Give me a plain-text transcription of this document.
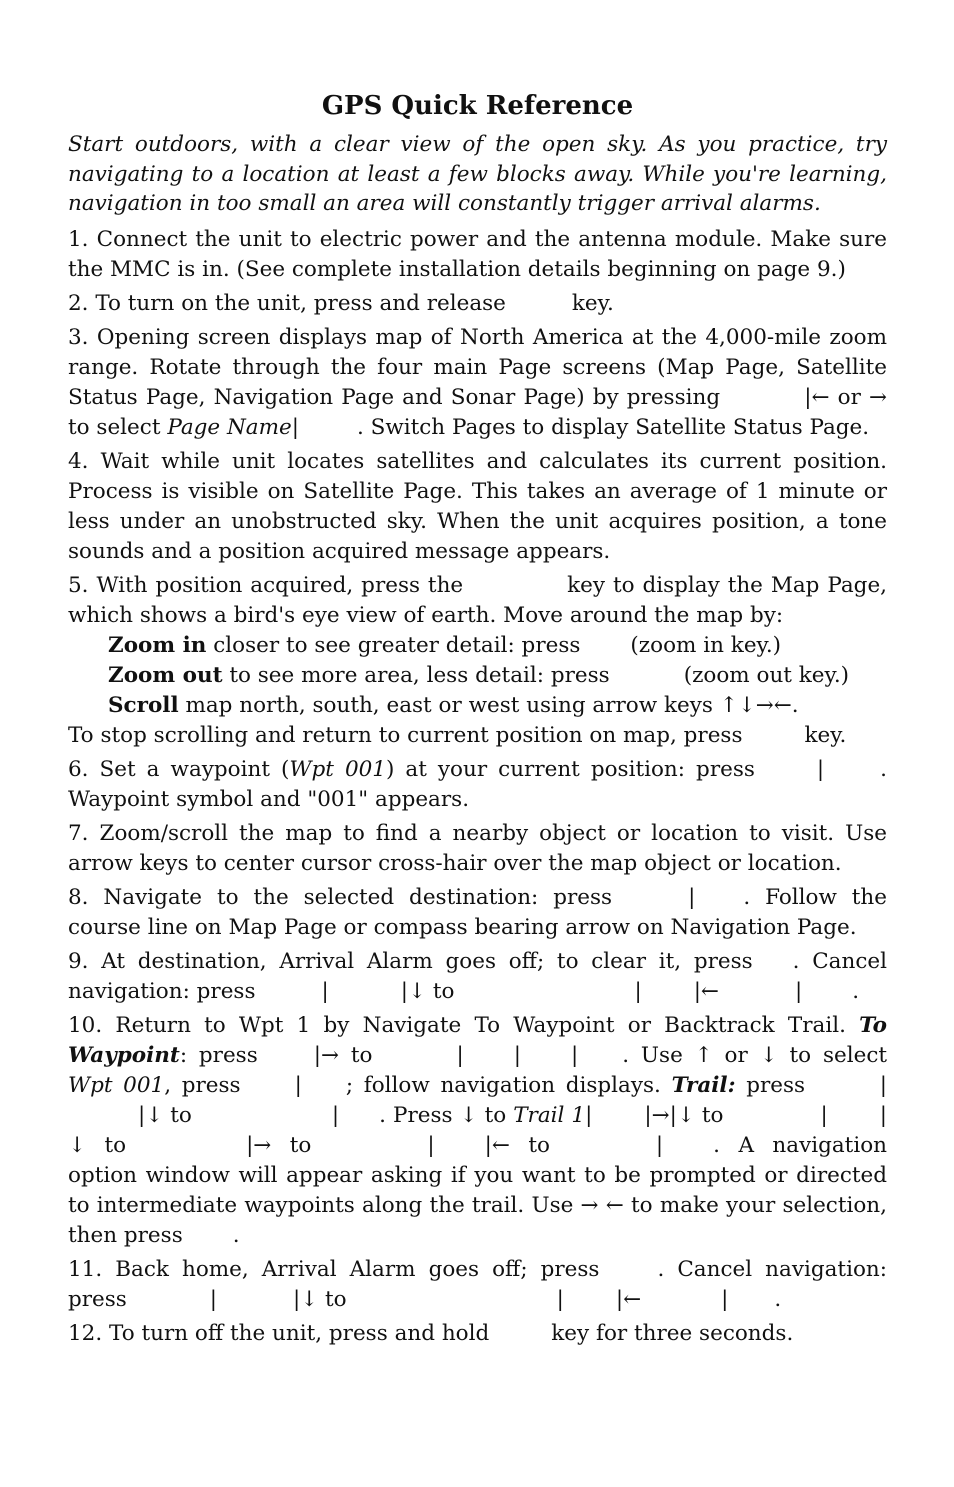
GPS Quick Reference

Start outdoors, with a clear view of the open sky. As you practice, try navigating to a location at least a few blocks away. While you're learning, navigation in too small an area will constantly trigger arrival alarms.

1. Connect the unit to electric power and the antenna module. Make sure the MMC is in. (See complete installation details beginning on page 9.)

2. To turn on the unit, press and release	key.

3. Opening screen displays map of North America at the 4,000-mile zoom range. Rotate through the four main Page screens (Map Page, Satellite Status Page, Navigation Page and Sonar Page) by pressing	|← or → to select Page Name|	. Switch Pages to display Satellite Status Page.

4. Wait while unit locates satellites and calculates its current position. Process is visible on Satellite Page. This takes an average of 1 minute or less under an unobstructed sky. When the unit acquires position, a tone sounds and a position acquired message appears.

5. With position acquired, press the	key to display the Map Page, which shows a bird's eye view of earth. Move around the map by:
Zoom in closer to see greater detail: press (zoom in key.)
Zoom out to see more area, less detail: press	(zoom out key.)
Scroll map north, south, east or west using arrow keys ↑↓→←.
To stop scrolling and return to current position on map, press	key.

6. Set a waypoint (Wpt 001) at your current position: press	|	. Waypoint symbol and "001" appears.

7. Zoom/scroll the map to find a nearby object or location to visit. Use arrow keys to center cursor cross-hair over the map object or location.

8. Navigate to the selected destination: press	| . Follow the course line on Map Page or compass bearing arrow on Navigation Page.

9. At destination, Arrival Alarm goes off; to clear it, press . Cancel navigation: press	|	|↓ to	| |←	| .

10. Return to Wpt 1 by Navigate To Waypoint or Backtrack Trail. To Waypoint: press	|→ to	| | | . Use ↑ or ↓ to select Wpt 001, press	| ; follow navigation displays. Trail: press	||↓ to	| . Press ↓ to Trail 1| |→|↓ to	| |↓ to	|→ to	| |← to	| . A navigation option window will appear asking if you want to be prompted or directed to intermediate waypoints along the trail. Use → ← to make your selection, then press .

11. Back home, Arrival Alarm goes off; press	. Cancel navigation: press	|	|↓ to	| |←	| .

12. To turn off the unit, press and hold	key for three seconds.
